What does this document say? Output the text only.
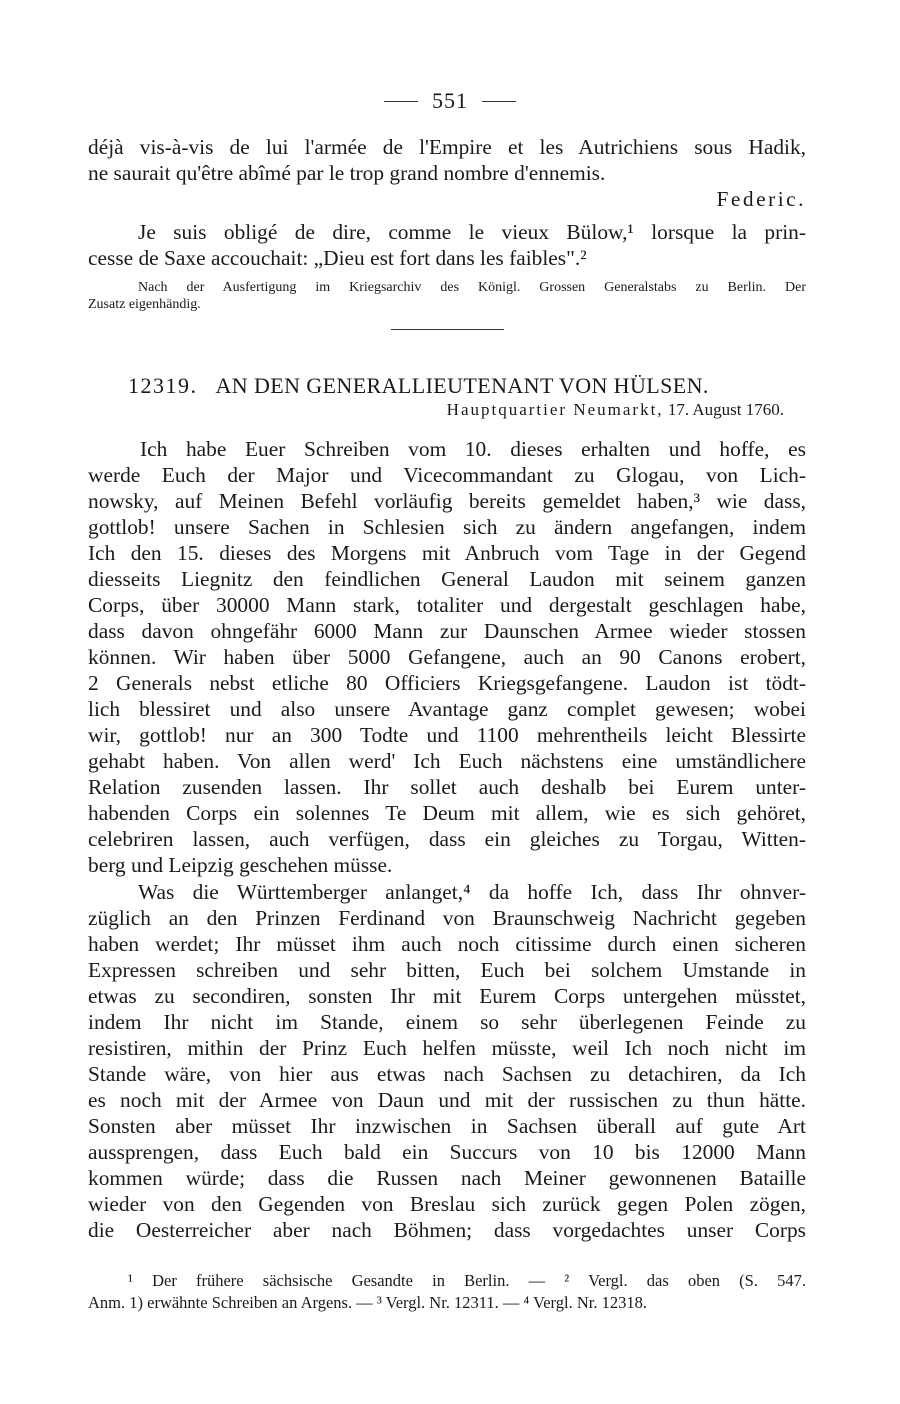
551
déjà vis-à-vis de lui l'armée de l'Empire et les Autrichiens sous Hadik,
ne saurait qu'être abîmé par le trop grand nombre d'ennemis.
Federic.
Je suis obligé de dire, comme le vieux Bülow,¹ lorsque la prin-
cesse de Saxe accouchait: „Dieu est fort dans les faibles".²
Nach der Ausfertigung im Kriegsarchiv des Königl. Grossen Generalstabs zu Berlin. Der
Zusatz eigenhändig.
12319. AN DEN GENERALLIEUTENANT VON HÜLSEN.
Hauptquartier Neumarkt, 17. August 1760.
Ich habe Euer Schreiben vom 10. dieses erhalten und hoffe, es
werde Euch der Major und Vicecommandant zu Glogau, von Lich-
nowsky, auf Meinen Befehl vorläufig bereits gemeldet haben,³ wie dass,
gottlob! unsere Sachen in Schlesien sich zu ändern angefangen, indem
Ich den 15. dieses des Morgens mit Anbruch vom Tage in der Gegend
diesseits Liegnitz den feindlichen General Laudon mit seinem ganzen
Corps, über 30000 Mann stark, totaliter und dergestalt geschlagen habe,
dass davon ohngefähr 6000 Mann zur Daunschen Armee wieder stossen
können. Wir haben über 5000 Gefangene, auch an 90 Canons erobert,
2 Generals nebst etliche 80 Officiers Kriegsgefangene. Laudon ist tödt-
lich blessiret und also unsere Avantage ganz complet gewesen; wobei
wir, gottlob! nur an 300 Todte und 1100 mehrentheils leicht Blessirte
gehabt haben. Von allen werd' Ich Euch nächstens eine umständlichere
Relation zusenden lassen. Ihr sollet auch deshalb bei Eurem unter-
habenden Corps ein solennes Te Deum mit allem, wie es sich gehöret,
celebriren lassen, auch verfügen, dass ein gleiches zu Torgau, Witten-
berg und Leipzig geschehen müsse.
Was die Württemberger anlanget,⁴ da hoffe Ich, dass Ihr ohnver-
züglich an den Prinzen Ferdinand von Braunschweig Nachricht gegeben
haben werdet; Ihr müsset ihm auch noch citissime durch einen sicheren
Expressen schreiben und sehr bitten, Euch bei solchem Umstande in
etwas zu secondiren, sonsten Ihr mit Eurem Corps untergehen müsstet,
indem Ihr nicht im Stande, einem so sehr überlegenen Feinde zu
resistiren, mithin der Prinz Euch helfen müsste, weil Ich noch nicht im
Stande wäre, von hier aus etwas nach Sachsen zu detachiren, da Ich
es noch mit der Armee von Daun und mit der russischen zu thun hätte.
Sonsten aber müsset Ihr inzwischen in Sachsen überall auf gute Art
aussprengen, dass Euch bald ein Succurs von 10 bis 12000 Mann
kommen würde; dass die Russen nach Meiner gewonnenen Bataille
wieder von den Gegenden von Breslau sich zurück gegen Polen zögen,
die Oesterreicher aber nach Böhmen; dass vorgedachtes unser Corps
¹ Der frühere sächsische Gesandte in Berlin. — ² Vergl. das oben (S. 547.
Anm. 1) erwähnte Schreiben an Argens. — ³ Vergl. Nr. 12311. — ⁴ Vergl. Nr. 12318.
